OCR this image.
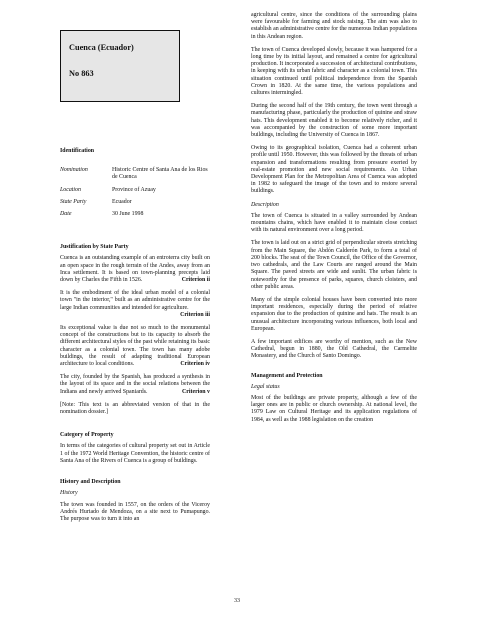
Cuenca (Ecuador)
No 863
Identification
Nomination	Historic Centre of Santa Ana de los Rios de Cuenca
Location	Province of Azuay
State Party	Ecuador
Date	30 June 1998
Justification by State Party

Cuenca is an outstanding example of an entroterra city built on an open space in the rough terrain of the Andes, away from an Inca settlement. It is based on town-planning precepts laid down by Charles the Fifth in 1526.	Criterion ii

It is the embodiment of the ideal urban model of a colonial town "in the interior," built as an administrative centre for the large Indian communities and intended for agriculture.

Criterion iii

Its exceptional value is due not so much to the monumental concept of the constructions but to its capacity to absorb the different architectural styles of the past while retaining its basic character as a colonial town. The town has many adobe buildings, the result of adapting traditional European architecture to local conditions.	Criterion iv

The city, founded by the Spanish, has produced a synthesis in the layout of its space and in the social relations between the Indians and newly arrived Spaniards.	Criterion v

[Note: This text is an abbreviated version of that in the nomination dossier.]

Category of Property

In terms of the categories of cultural property set out in Article 1 of the 1972 World Heritage Convention, the historic centre of Santa Ana of the Rivers of Cuenca is a group of buildings.

History and Description
History

The town was founded in 1557, on the orders of the Viceroy Andrés Hurtado de Mendoza, on a site next to Pumapungo. The purpose was to turn it into an

agricultural centre, since the conditions of the surrounding plains were favourable for farming and stock raising. The aim was also to establish an administrative centre for the numerous Indian populations in this Andean region.

The town of Cuenca developed slowly, because it was hampered for a long time by its initial layout, and remained a centre for agricultural production. It incorporated a succession of architectural contributions, in keeping with its urban fabric and character as a colonial town. This situation continued until political independence from the Spanish Crown in 1820. At the same time, the various populations and cultures intermingled.

During the second half of the 19th century, the town went through a manufacturing phase, particularly the production of quinine and straw hats. This development enabled it to become relatively richer, and it was accompanied by the construction of some more important buildings, including the University of Cuenca in 1867.

Owing to its geographical isolation, Cuenca had a coherent urban profile until 1950. However, this was followed by the threats of urban expansion and transformations resulting from pressure exerted by real-estate promotion and new social requirements. An Urban Development Plan for the Metropolitan Area of Cuenca was adopted in 1982 to safeguard the image of the town and to restore several buildings.

Description

The town of Cuenca is situated in a valley surrounded by Andean mountains chains, which have enabled it to maintain close contact with its natural environment over a long period.

The town is laid out on a strict grid of perpendicular streets stretching from the Main Square, the Abdón Calderón Park, to form a total of 200 blocks. The seat of the Town Council, the Office of the Governor, two cathedrals, and the Law Courts are ranged around the Main Square. The paved streets are wide and sunlit. The urban fabric is noteworthy for the presence of parks, squares, church cloisters, and other public areas.

Many of the simple colonial houses have been converted into more important residences, especially during the period of relative expansion due to the production of quinine and hats. The result is an unusual architecture incorporating various influences, both local and European.

A few important edifices are worthy of mention, such as the New Cathedral, begun in 1880, the Old Cathedral, the Carmelite Monastery, and the Church of Santo Domingo.

Management and Protection
Legal status

Most of the buildings are private property, although a few of the larger ones are in public or church ownership. At national level, the 1979 Law on Cultural Heritage and its application regulations of 1984, as well as the 1988 legislation on the creation

33
